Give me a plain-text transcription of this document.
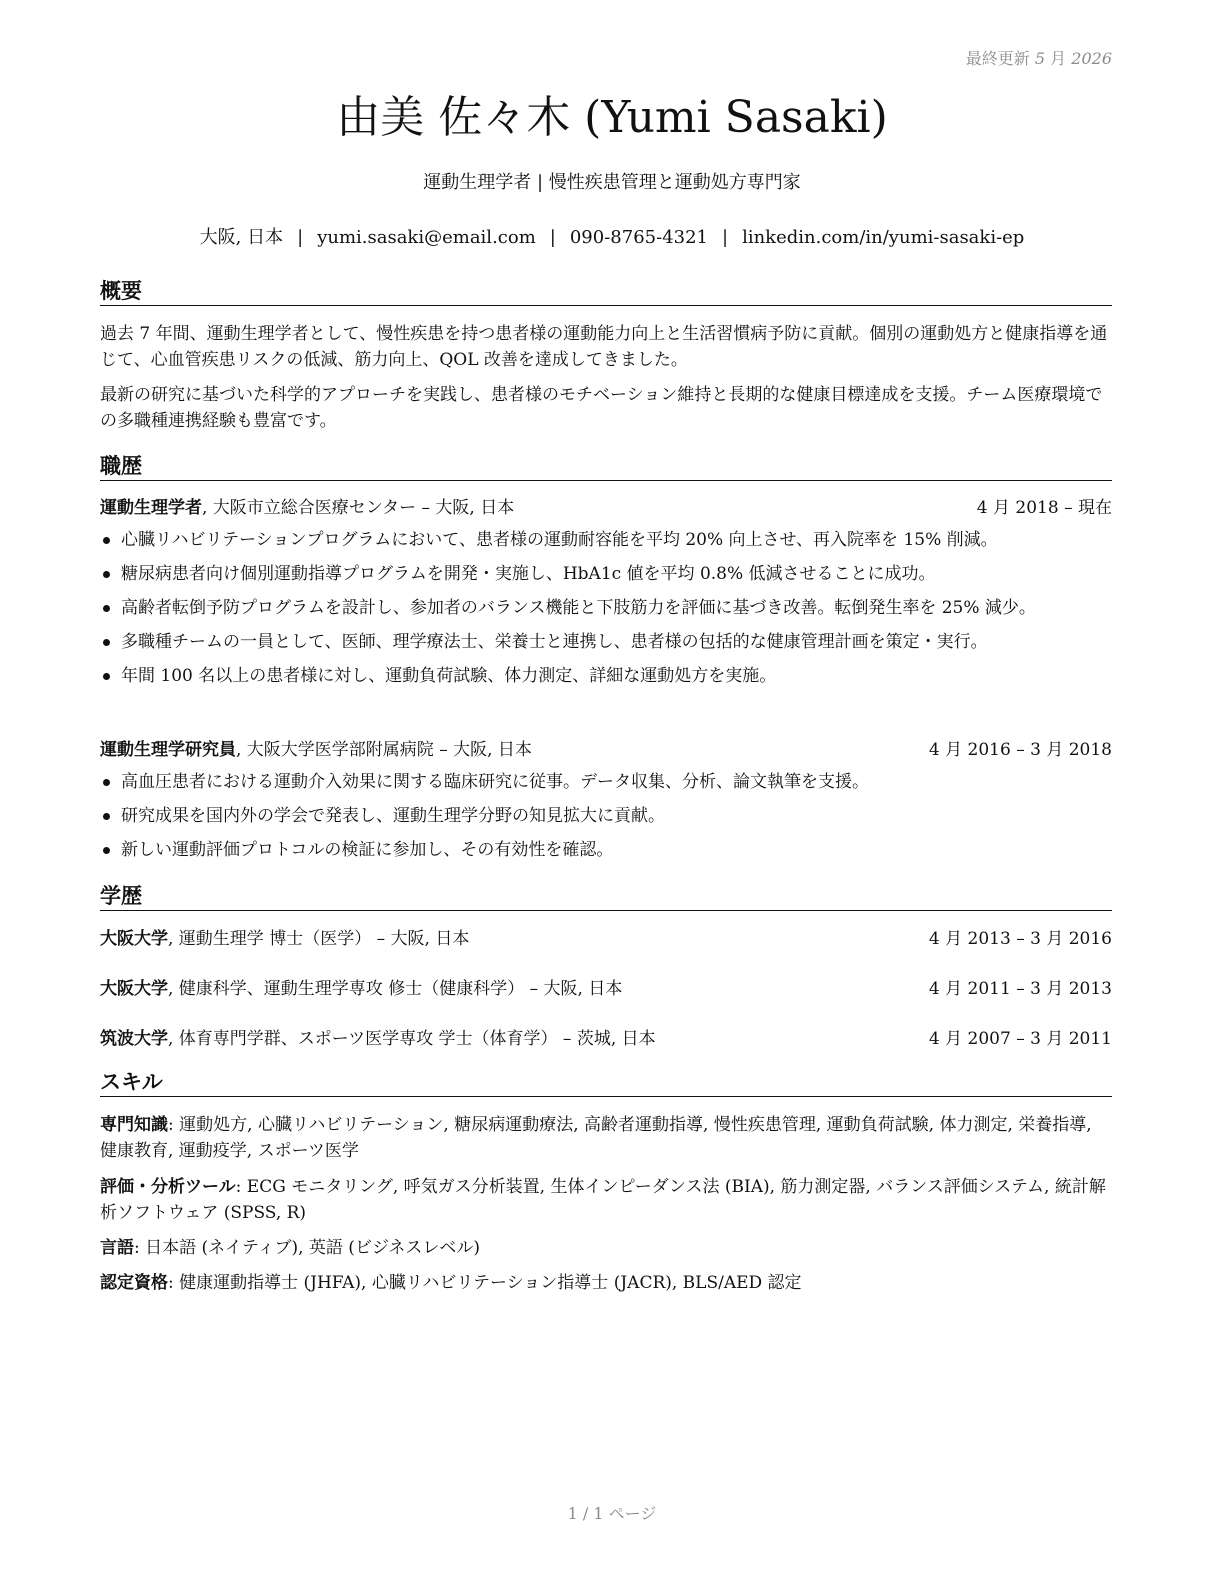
最終更新 5 月 2026
由美 佐々木 (Yumi Sasaki)
運動生理学者 | 慢性疾患管理と運動処方専門家
大阪, 日本 | yumi.sasaki@email.com | 090-8765-4321 | linkedin.com/in/yumi-sasaki-ep
概要

過去 7 年間、運動生理学者として、慢性疾患を持つ患者様の運動能力向上と生活習慣病予防に貢献。個別の運動処方と健康指導を通じて、心血管疾患リスクの低減、筋力向上、QOL 改善を達成してきました。

最新の研究に基づいた科学的アプローチを実践し、患者様のモチベーション維持と長期的な健康目標達成を支援。チーム医療環境での多職種連携経験も豊富です。

職歴
運動生理学者, 大阪市立総合医療センター – 大阪, 日本	4 月 2018 – 現在
心臓リハビリテーションプログラムにおいて、患者様の運動耐容能を平均 20% 向上させ、再入院率を 15% 削減。
糖尿病患者向け個別運動指導プログラムを開発・実施し、HbA1c 値を平均 0.8% 低減させることに成功。
高齢者転倒予防プログラムを設計し、参加者のバランス機能と下肢筋力を評価に基づき改善。転倒発生率を 25% 減少。
多職種チームの一員として、医師、理学療法士、栄養士と連携し、患者様の包括的な健康管理計画を策定・実行。
年間 100 名以上の患者様に対し、運動負荷試験、体力測定、詳細な運動処方を実施。
運動生理学研究員, 大阪大学医学部附属病院 – 大阪, 日本	4 月 2016 – 3 月 2018
高血圧患者における運動介入効果に関する臨床研究に従事。データ収集、分析、論文執筆を支援。
研究成果を国内外の学会で発表し、運動生理学分野の知見拡大に貢献。
新しい運動評価プロトコルの検証に参加し、その有効性を確認。
学歴
大阪大学, 運動生理学 博士（医学） – 大阪, 日本	4 月 2013 – 3 月 2016
大阪大学, 健康科学、運動生理学専攻 修士（健康科学） – 大阪, 日本	4 月 2011 – 3 月 2013
筑波大学, 体育専門学群、スポーツ医学専攻 学士（体育学） – 茨城, 日本	4 月 2007 – 3 月 2011
スキル
専門知識: 運動処方, 心臓リハビリテーション, 糖尿病運動療法, 高齢者運動指導, 慢性疾患管理, 運動負荷試験, 体力測定, 栄養指導, 健康教育, 運動疫学, スポーツ医学
評価・分析ツール: ECG モニタリング, 呼気ガス分析装置, 生体インピーダンス法 (BIA), 筋力測定器, バランス評価システム, 統計解析ソフトウェア (SPSS, R)
言語: 日本語 (ネイティブ), 英語 (ビジネスレベル)
認定資格: 健康運動指導士 (JHFA), 心臓リハビリテーション指導士 (JACR), BLS/AED 認定
1 / 1 ページ
